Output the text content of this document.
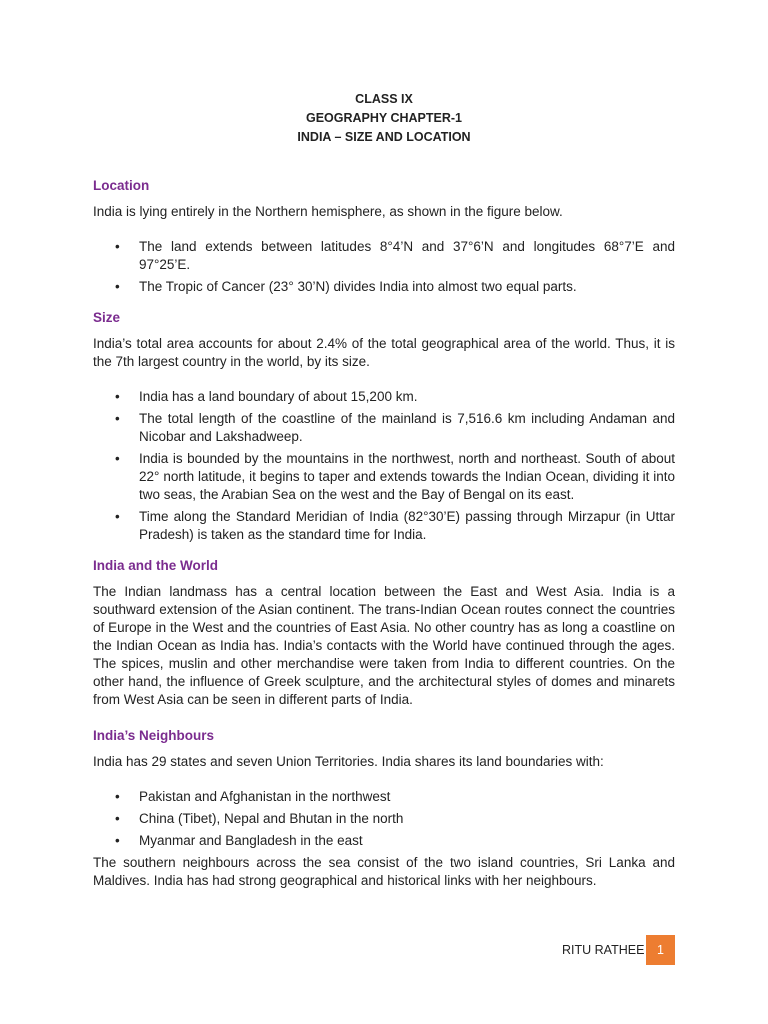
CLASS IX
GEOGRAPHY CHAPTER-1
INDIA – SIZE AND LOCATION
Location

India is lying entirely in the Northern hemisphere, as shown in the figure below.

• The land extends between latitudes 8°4’N and 37°6’N and longitudes 68°7’E and 97°25’E.
• The Tropic of Cancer (23° 30’N) divides India into almost two equal parts.
Size

India’s total area accounts for about 2.4% of the total geographical area of the world. Thus, it is the 7th largest country in the world, by its size.

• India has a land boundary of about 15,200 km.
• The total length of the coastline of the mainland is 7,516.6 km including Andaman and Nicobar and Lakshadweep.
• India is bounded by the mountains in the northwest, north and northeast. South of about 22° north latitude, it begins to taper and extends towards the Indian Ocean, dividing it into two seas, the Arabian Sea on the west and the Bay of Bengal on its east.
• Time along the Standard Meridian of India (82°30’E) passing through Mirzapur (in Uttar Pradesh) is taken as the standard time for India.
India and the World

The Indian landmass has a central location between the East and West Asia. India is a southward extension of the Asian continent. The trans-Indian Ocean routes connect the countries of Europe in the West and the countries of East Asia. No other country has as long a coastline on the Indian Ocean as India has. India’s contacts with the World have continued through the ages. The spices, muslin and other merchandise were taken from India to different countries. On the other hand, the influence of Greek sculpture, and the architectural styles of domes and minarets from West Asia can be seen in different parts of India.

India’s Neighbours

India has 29 states and seven Union Territories. India shares its land boundaries with:

• Pakistan and Afghanistan in the northwest
• China (Tibet), Nepal and Bhutan in the north
• Myanmar and Bangladesh in the east

The southern neighbours across the sea consist of the two island countries, Sri Lanka and Maldives. India has had strong geographical and historical links with her neighbours.

RITU RATHEE	1
